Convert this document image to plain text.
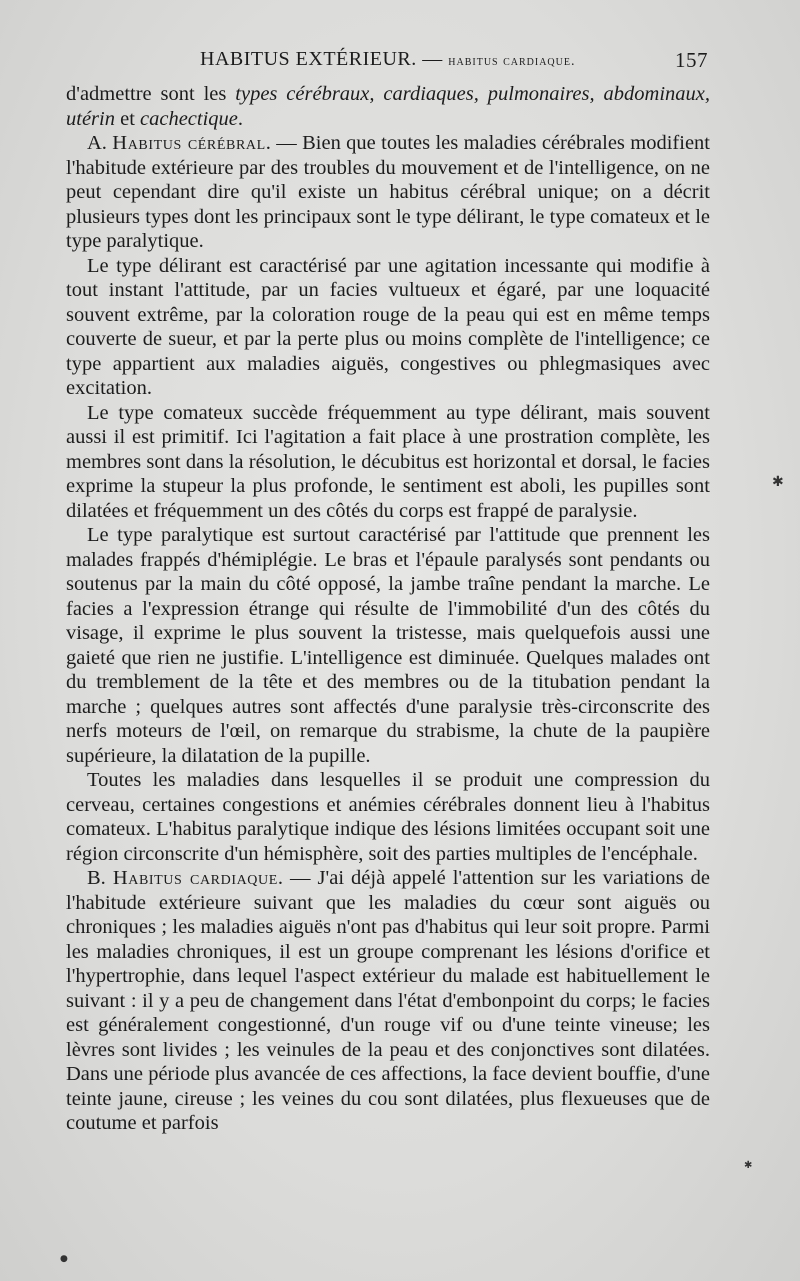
HABITUS EXTÉRIEUR. — habitus cardiaque.	157

d'admettre sont les types cérébraux, cardiaques, pulmonaires, abdominaux, utérin et cachectique.

A. Habitus cérébral. — Bien que toutes les maladies cérébrales modifient l'habitude extérieure par des troubles du mouvement et de l'intelligence, on ne peut cependant dire qu'il existe un habitus cérébral unique; on a décrit plusieurs types dont les principaux sont le type délirant, le type comateux et le type paralytique.

Le type délirant est caractérisé par une agitation incessante qui modifie à tout instant l'attitude, par un facies vultueux et égaré, par une loquacité souvent extrême, par la coloration rouge de la peau qui est en même temps couverte de sueur, et par la perte plus ou moins complète de l'intelligence; ce type appartient aux maladies aiguës, congestives ou phlegmasiques avec excitation.

Le type comateux succède fréquemment au type délirant, mais souvent aussi il est primitif. Ici l'agitation a fait place à une prostration complète, les membres sont dans la résolution, le décubitus est horizontal et dorsal, le facies exprime la stupeur la plus profonde, le sentiment est aboli, les pupilles sont dilatées et fréquemment un des côtés du corps est frappé de paralysie.

Le type paralytique est surtout caractérisé par l'attitude que prennent les malades frappés d'hémiplégie. Le bras et l'épaule paralysés sont pendants ou soutenus par la main du côté opposé, la jambe traîne pendant la marche. Le facies a l'expression étrange qui résulte de l'immobilité d'un des côtés du visage, il exprime le plus souvent la tristesse, mais quelquefois aussi une gaieté que rien ne justifie. L'intelligence est diminuée. Quelques malades ont du tremblement de la tête et des membres ou de la titubation pendant la marche ; quelques autres sont affectés d'une paralysie très-circonscrite des nerfs moteurs de l'œil, on remarque du strabisme, la chute de la paupière supérieure, la dilatation de la pupille.

Toutes les maladies dans lesquelles il se produit une compression du cerveau, certaines congestions et anémies cérébrales donnent lieu à l'habitus comateux. L'habitus paralytique indique des lésions limitées occupant soit une région circonscrite d'un hémisphère, soit des parties multiples de l'encéphale.

B. Habitus cardiaque. — J'ai déjà appelé l'attention sur les variations de l'habitude extérieure suivant que les maladies du cœur sont aiguës ou chroniques ; les maladies aiguës n'ont pas d'habitus qui leur soit propre. Parmi les maladies chroniques, il est un groupe comprenant les lésions d'orifice et l'hypertrophie, dans lequel l'aspect extérieur du malade est habituellement le suivant : il y a peu de changement dans l'état d'embonpoint du corps; le facies est généralement congestionné, d'un rouge vif ou d'une teinte vineuse; les lèvres sont livides ; les veinules de la peau et des conjonctives sont dilatées. Dans une période plus avancée de ces affections, la face devient bouffie, d'une teinte jaune, cireuse ; les veines du cou sont dilatées, plus flexueuses que de coutume et parfois

✱
✱
●
